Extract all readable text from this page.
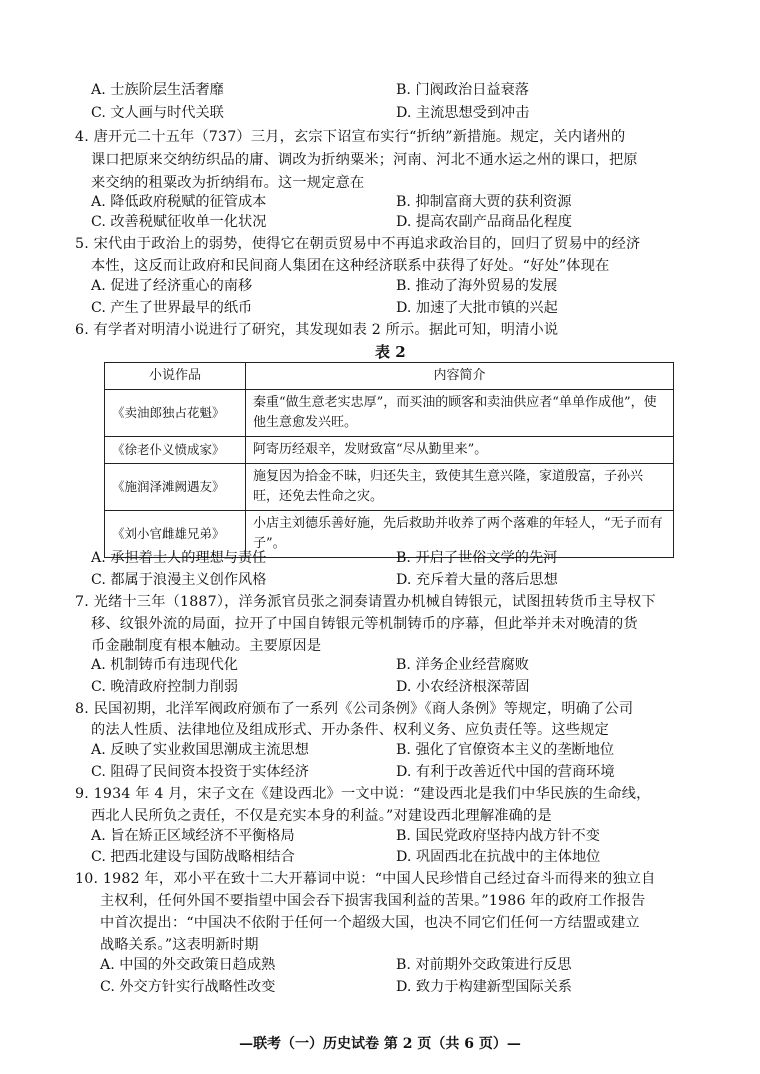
A. 士族阶层生活奢靡	B. 门阀政治日益衰落
C. 文人画与时代关联	D. 主流思想受到冲击
4. 唐开元二十五年（737）三月，玄宗下诏宣布实行“折纳”新措施。规定，关内诸州的
课口把原来交纳纺织品的庸、调改为折纳粟米；河南、河北不通水运之州的课口，把原
来交纳的租粟改为折纳绢布。这一规定意在
A. 降低政府税赋的征管成本	B. 抑制富商大贾的获利资源
C. 改善税赋征收单一化状况	D. 提高农副产品商品化程度
5. 宋代由于政治上的弱势，使得它在朝贡贸易中不再追求政治目的，回归了贸易中的经济
本性，这反而让政府和民间商人集团在这种经济联系中获得了好处。“好处”体现在
A. 促进了经济重心的南移	B. 推动了海外贸易的发展
C. 产生了世界最早的纸币	D. 加速了大批市镇的兴起
6. 有学者对明清小说进行了研究，其发现如表 2 所示。据此可知，明清小说
表 2
小说作品	内容简介
《卖油郎独占花魁》	秦重“做生意老实忠厚”，而买油的顾客和卖油供应者“单单作成他”，使他生意愈发兴旺。
《徐老仆义愤成家》	阿寄历经艰辛，发财致富“尽从勤里来”。
《施润泽滩阙遇友》	施复因为拾金不昧，归还失主，致使其生意兴隆，家道殷富，子孙兴旺，还免去性命之灾。
《刘小官雌雄兄弟》	小店主刘德乐善好施，先后救助并收养了两个落难的年轻人，“无子而有子”。
A. 承担着士人的理想与责任	B. 开启了世俗文学的先河
C. 都属于浪漫主义创作风格	D. 充斥着大量的落后思想
7. 光绪十三年（1887），洋务派官员张之洞奏请置办机械自铸银元，试图扭转货币主导权下
移、纹银外流的局面，拉开了中国自铸银元等机制铸币的序幕，但此举并未对晚清的货
币金融制度有根本触动。主要原因是
A. 机制铸币有违现代化	B. 洋务企业经营腐败
C. 晚清政府控制力削弱	D. 小农经济根深蒂固
8. 民国初期，北洋军阀政府颁布了一系列《公司条例》《商人条例》等规定，明确了公司
的法人性质、法律地位及组成形式、开办条件、权利义务、应负责任等。这些规定
A. 反映了实业救国思潮成主流思想	B. 强化了官僚资本主义的垄断地位
C. 阻碍了民间资本投资于实体经济	D. 有利于改善近代中国的营商环境
9. 1934 年 4 月，宋子文在《建设西北》一文中说：“建设西北是我们中华民族的生命线，
西北人民所负之责任，不仅是充实本身的利益。”对建设西北理解准确的是
A. 旨在矫正区域经济不平衡格局	B. 国民党政府坚持内战方针不变
C. 把西北建设与国防战略相结合	D. 巩固西北在抗战中的主体地位
10. 1982 年，邓小平在致十二大开幕词中说：“中国人民珍惜自己经过奋斗而得来的独立自
主权利，任何外国不要指望中国会吞下损害我国利益的苦果。”1986 年的政府工作报告
中首次提出：“中国决不依附于任何一个超级大国，也决不同它们任何一方结盟或建立
战略关系。”这表明新时期
A. 中国的外交政策日趋成熟	B. 对前期外交政策进行反思
C. 外交方针实行战略性改变	D. 致力于构建新型国际关系
—联考（一）历史试卷 第 2 页（共 6 页）—
